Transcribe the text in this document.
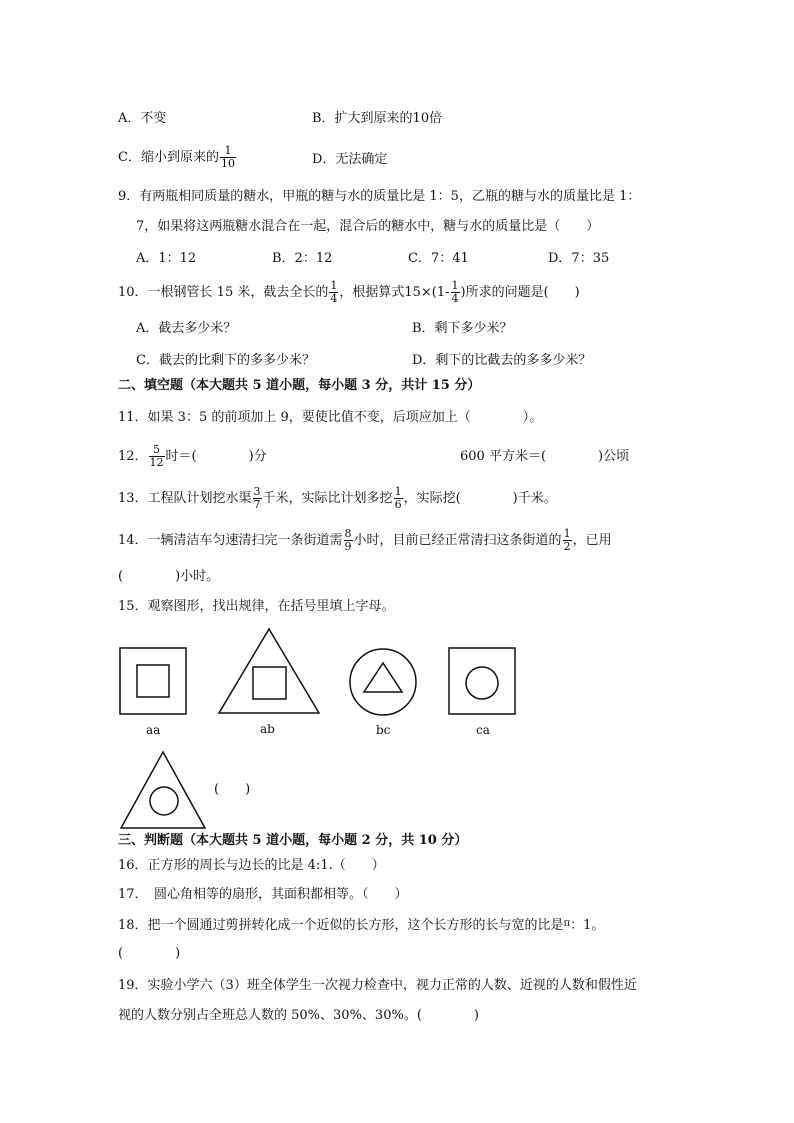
A．不变	B．扩大到原来的10倍
C．缩小到原来的 $\frac{1}{10}$	D．无法确定
9．有两瓶相同质量的糖水，甲瓶的糖与水的质量比是 1：5，乙瓶的糖与水的质量比是 1：
7，如果将这两瓶糖水混合在一起，混合后的糖水中，糖与水的质量比是（　　）
A．1：12	B．2：12	C．7：41	D．7：35
10．一根钢管长 15 米，截去全长的 $\frac{1}{4}$ ，根据算式$15\times(1- \frac{1}{4}$ )所求的问题是(　　)
A．截去多少米？	B．剩下多少米？
C．截去的比剩下的多多少米？	D．剩下的比截去的多多少米？
二、填空题（本大题共 5 道小题，每小题 3 分，共计 15 分）
11．如果 3：5 的前项加上 9，要使比值不变，后项应加上（　　　　）。
12． $\frac{5}{12}$ 时＝(　　　　)分	600 平方米＝(　　　　)公顷
13．工程队计划挖水渠 $\frac{3}{7}$ 千米，实际比计划多挖 $\frac{1}{6}$ ，实际挖(　　　　)千米。
14．一辆清洁车匀速清扫完一条街道需 $\frac{8}{9}$ 小时，目前已经正常清扫这条街道的 $\frac{1}{2}$ ，已用
(　　　　)小时。
15．观察图形，找出规律，在括号里填上字母。
aa	ab	bc	ca
(　　)
三、判断题（本大题共 5 道小题，每小题 2 分，共 10 分）
16．正方形的周长与边长的比是 4:1.（　　）
17．　圆心角相等的扇形，其面积都相等。（　　）
18．把一个圆通过剪拼转化成一个近似的长方形，这个长方形的长与宽的比是$^\pi$：1。
(　　　　)
19．实验小学六（3）班全体学生一次视力检查中，视力正常的人数、近视的人数和假性近
视的人数分别占全班总人数的 50%、30%、30%。(　　　　)
